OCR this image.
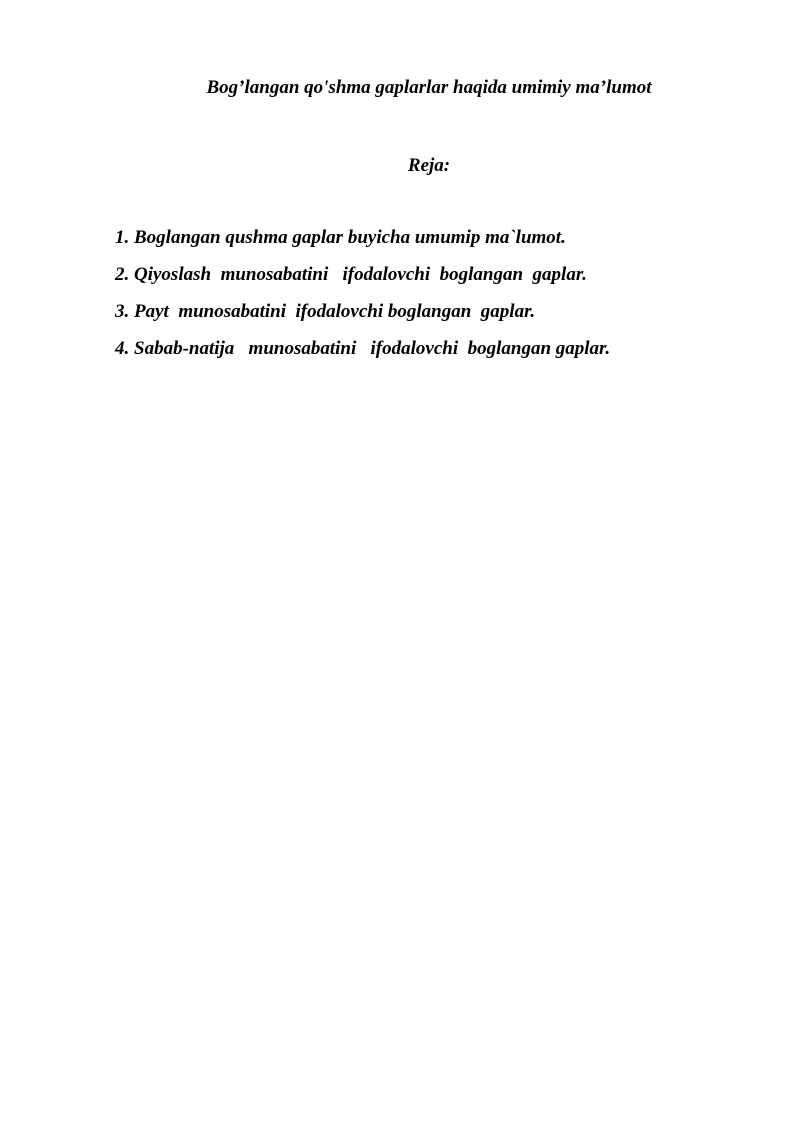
Bog’langan qo'shma gaplarlar haqida umimiy ma’lumot
Reja:
1. Boglangan qushma gaplar buyicha umumip ma`lumot.
2. Qiyoslash  munosabatini   ifodalovchi  boglangan  gaplar.
3. Payt  munosabatini  ifodalovchi boglangan  gaplar.
4. Sabab-natija   munosabatini   ifodalovchi  boglangan gaplar.
